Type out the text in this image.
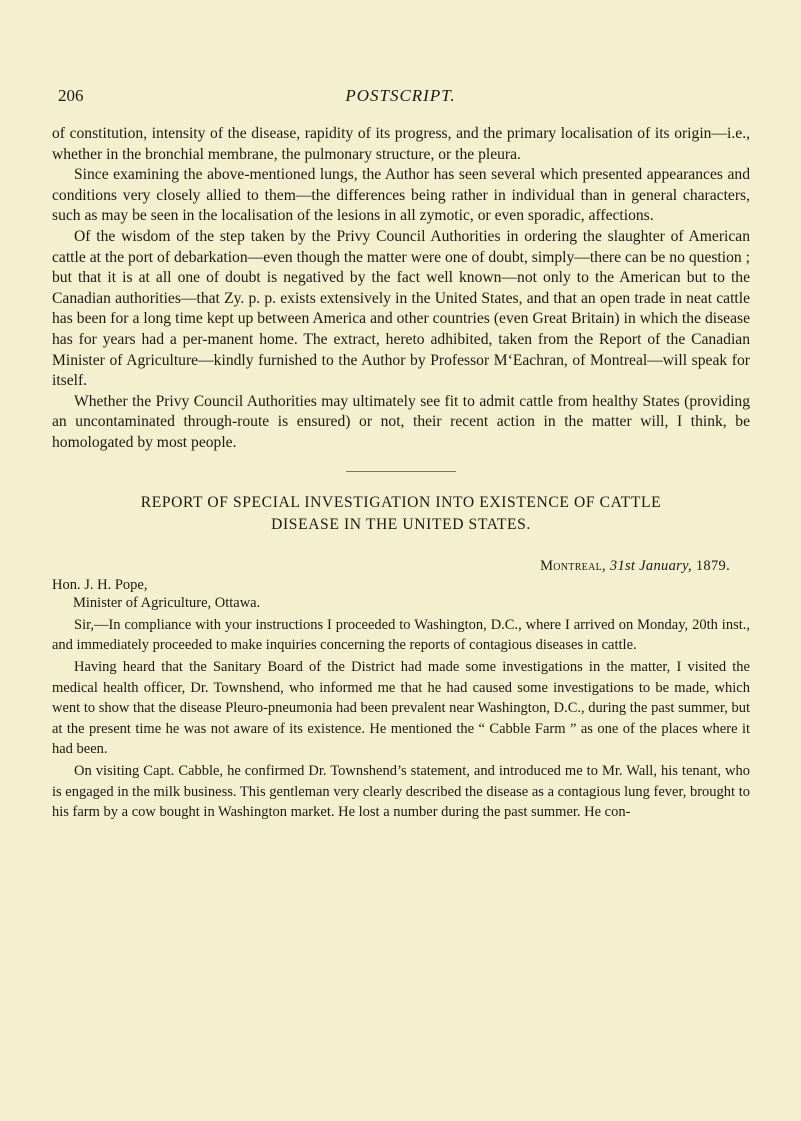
206	POSTSCRIPT.

of constitution, intensity of the disease, rapidity of its progress, and the primary localisation of its origin—i.e., whether in the bronchial membrane, the pulmonary structure, or the pleura.

Since examining the above-mentioned lungs, the Author has seen several which presented appearances and conditions very closely allied to them—the differences being rather in individual than in general characters, such as may be seen in the localisation of the lesions in all zymotic, or even sporadic, affections.

Of the wisdom of the step taken by the Privy Council Authorities in ordering the slaughter of American cattle at the port of debarkation—even though the matter were one of doubt, simply—there can be no question ; but that it is at all one of doubt is negatived by the fact well known—not only to the American but to the Canadian authorities—that Zy. p. p. exists extensively in the United States, and that an open trade in neat cattle has been for a long time kept up between America and other countries (even Great Britain) in which the disease has for years had a per-manent home. The extract, hereto adhibited, taken from the Report of the Canadian Minister of Agriculture—kindly furnished to the Author by Professor M‘Eachran, of Montreal—will speak for itself.

Whether the Privy Council Authorities may ultimately see fit to admit cattle from healthy States (providing an uncontaminated through-route is ensured) or not, their recent action in the matter will, I think, be homologated by most people.

REPORT OF SPECIAL INVESTIGATION INTO EXISTENCE OF CATTLE

DISEASE IN THE UNITED STATES.

Montreal, 31st January, 1879.
Hon. J. H. Pope,
Minister of Agriculture, Ottawa.

Sir,—In compliance with your instructions I proceeded to Washington, D.C., where I arrived on Monday, 20th inst., and immediately proceeded to make inquiries concerning the reports of contagious diseases in cattle.

Having heard that the Sanitary Board of the District had made some investigations in the matter, I visited the medical health officer, Dr. Townshend, who informed me that he had caused some investigations to be made, which went to show that the disease Pleuro-pneumonia had been prevalent near Washington, D.C., during the past summer, but at the present time he was not aware of its existence. He mentioned the “ Cabble Farm ” as one of the places where it had been.

On visiting Capt. Cabble, he confirmed Dr. Townshend’s statement, and introduced me to Mr. Wall, his tenant, who is engaged in the milk business. This gentleman very clearly described the disease as a contagious lung fever, brought to his farm by a cow bought in Washington market. He lost a number during the past summer. He con-
